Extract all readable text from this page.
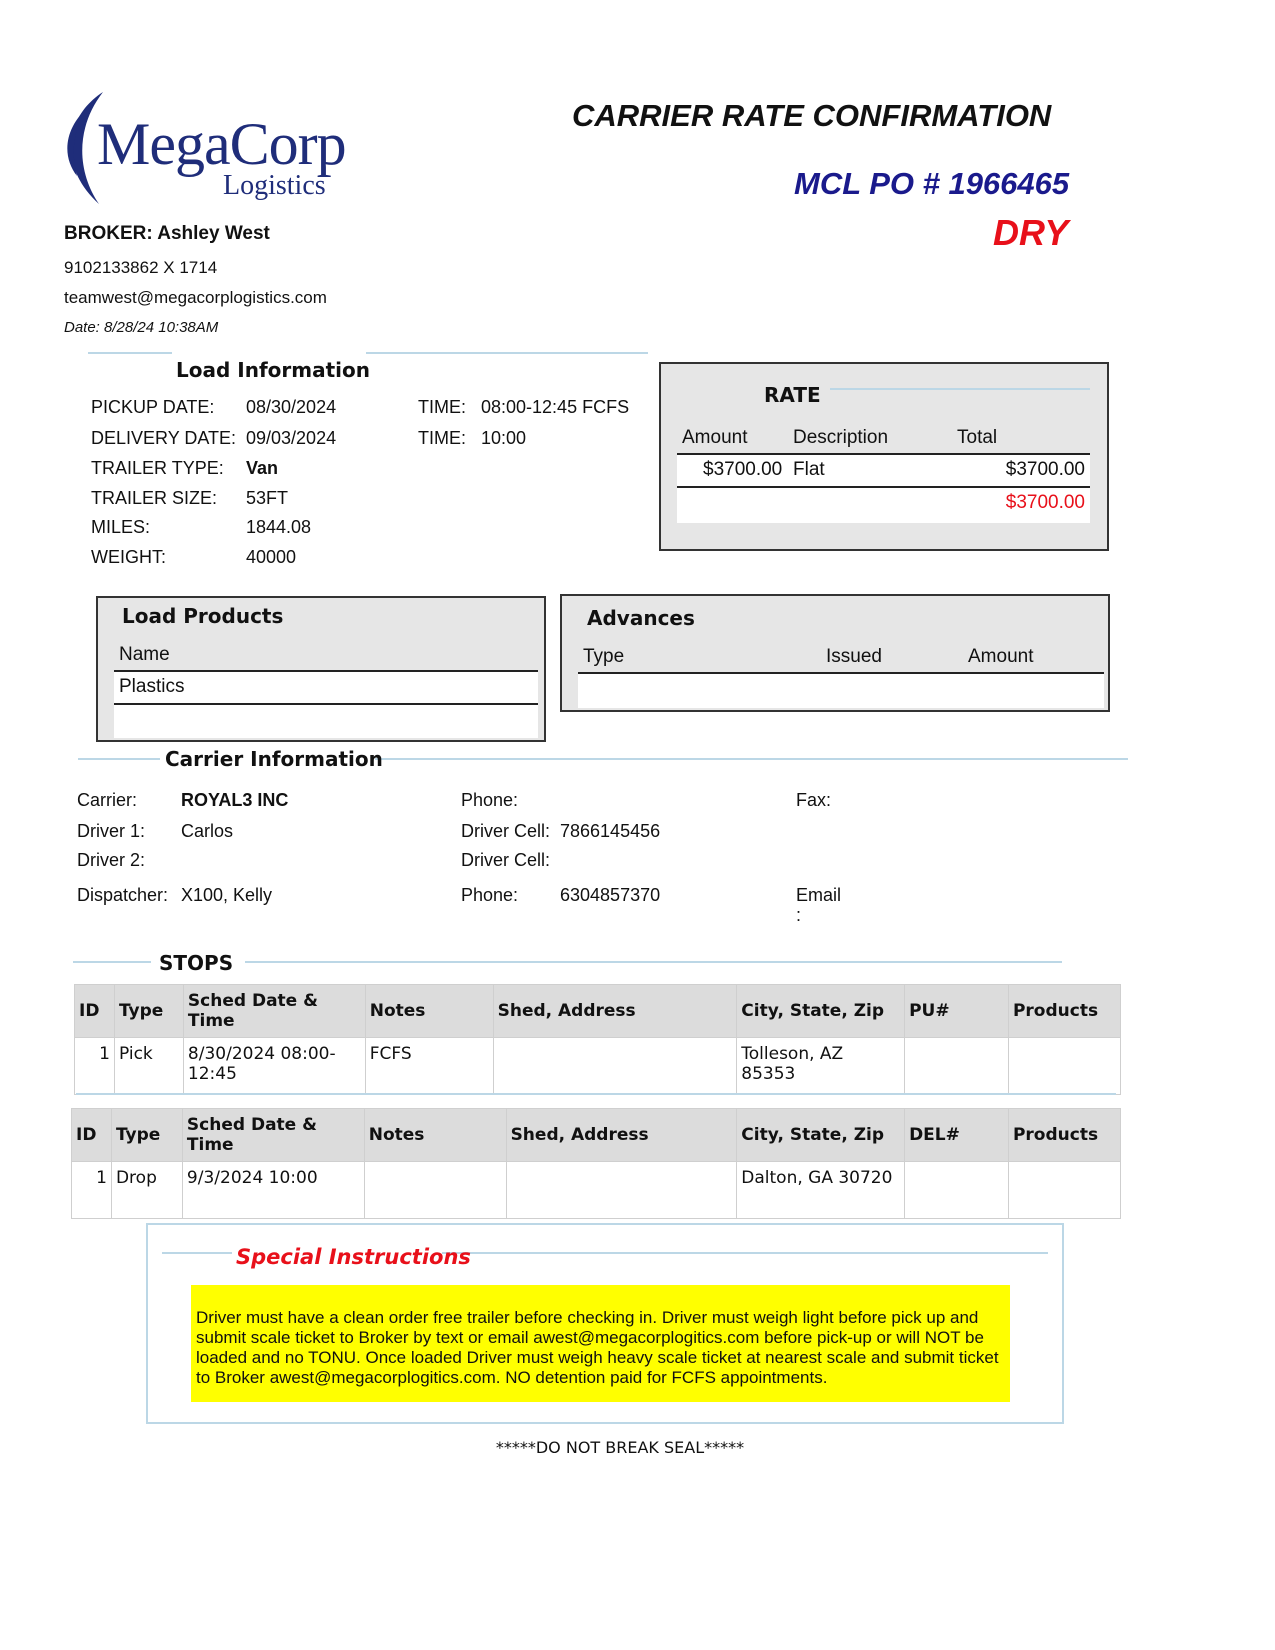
MegaCorp
Logistics
CARRIER RATE CONFIRMATION
MCL PO # 1966465
DRY
BROKER: Ashley West
9102133862 X 1714
teamwest@megacorplogistics.com
Date: 8/28/24 10:38AM
Load Information
PICKUP DATE: 08/30/2024	TIME: 08:00-12:45 FCFS
DELIVERY DATE: 09/03/2024	TIME: 10:00
TRAILER TYPE: Van
TRAILER SIZE: 53FT
MILES:	1844.08
WEIGHT:	40000
RATE
Amount Description	Total
$3700.00 Flat	$3700.00
$3700.00
Load Products
Name
Plastics
Advances
Type	Issued	Amount
Carrier Information
Carrier: ROYAL3 INC	Phone:	Fax:
Driver 1: Carlos	Driver Cell: 7866145456
Driver 2:	Driver Cell:
Dispatcher: X100, Kelly	Phone: 6304857370	Email
:
STOPS
ID	Type	Sched Date & Time	Notes	Shed, Address	City, State, Zip	PU#	Products
1	Pick	8/30/2024 08:00-12:45	FCFS		Tolleson, AZ 85353		
ID	Type	Sched Date & Time	Notes	Shed, Address	City, State, Zip	DEL#	Products
1	Drop	9/3/2024 10:00			Dalton, GA 30720		
Special Instructions
Driver must have a clean order free trailer before checking in. Driver must weigh light before pick up and submit scale ticket to Broker by text or email awest@megacorplogitics.com before pick-up or will NOT be loaded and no TONU. Once loaded Driver must weigh heavy scale ticket at nearest scale and submit ticket to Broker awest@megacorplogitics.com. NO detention paid for FCFS appointments.
*****DO NOT BREAK SEAL*****
